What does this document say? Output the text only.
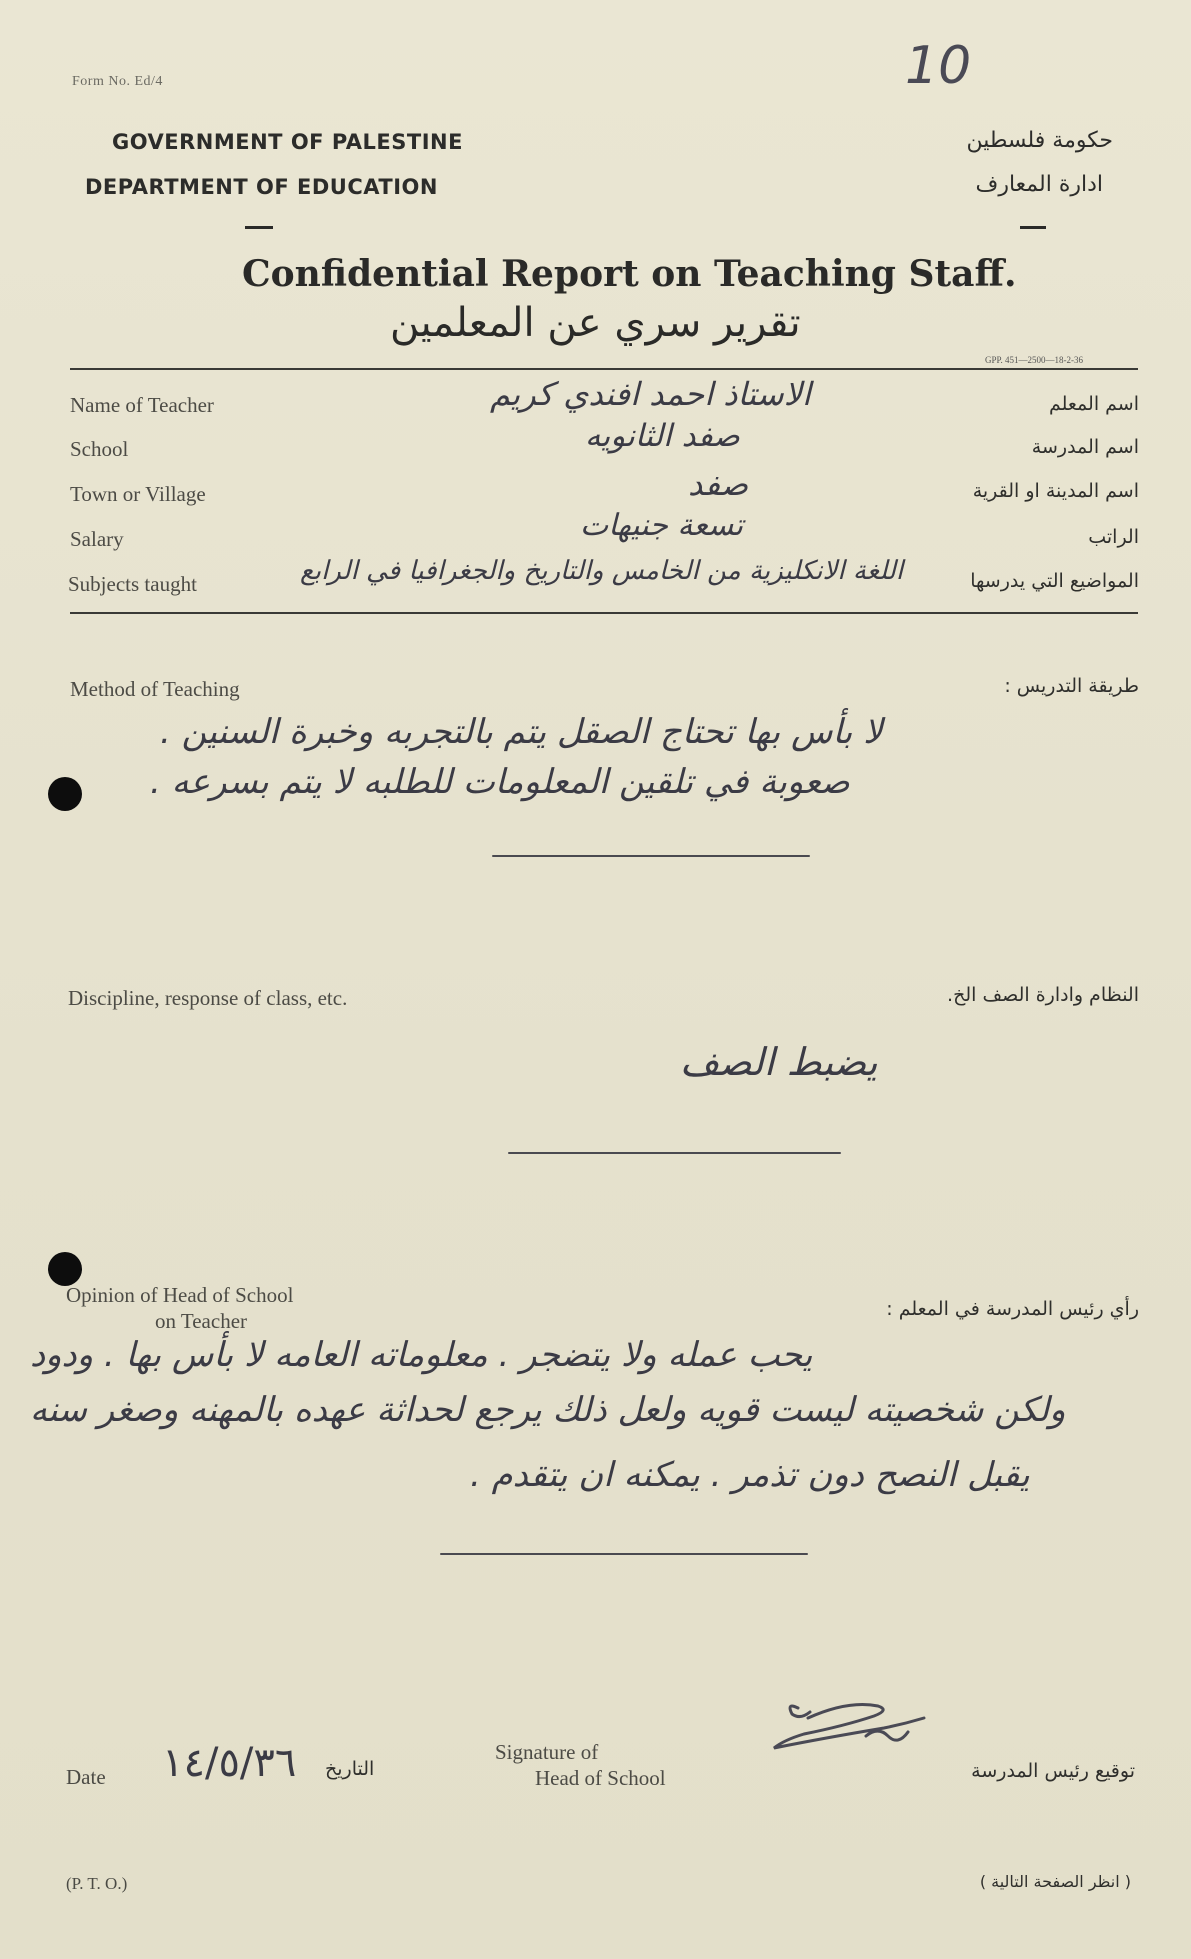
Form No. Ed/4	10
GOVERNMENT OF PALESTINE
DEPARTMENT OF EDUCATION
حكومة فلسطين
ادارة المعارف
Confidential Report on Teaching Staff.
تقرير سري عن المعلمين
GPP. 451—2500—18-2-36
Name of Teacher	الاستاذ احمد افندي كريم	اسم المعلم
School	صفد الثانويه	اسم المدرسة
Town or Village	صفد	اسم المدينة او القرية
Salary	تسعة جنيهات	الراتب
Subjects taught	اللغة الانكليزية من الخامس والتاريخ والجغرافيا في الرابع	المواضيع التي يدرسها
Method of Teaching	طريقة التدريس :
لا بأس بها تحتاج الصقل يتم بالتجربه وخبرة السنين .
صعوبة في تلقين المعلومات للطلبه لا يتم بسرعه .
Discipline, response of class, etc.	النظام وادارة الصف الخ.
يضبط الصف
Opinion of Head of School
on Teacher	رأي رئيس المدرسة في المعلم :
يحب عمله ولا يتضجر . معلوماته العامه لا بأس بها . ودود
ولكن شخصيته ليست قويه ولعل ذلك يرجع لحداثة عهده بالمهنه وصغر سنه
يقبل النصح دون تذمر . يمكنه ان يتقدم .
Date ١٤/٥/٣٦ التاريخ
Signature of
Head of School	توقيع رئيس المدرسة
(P. T. O.)	( انظر الصفحة التالية )
